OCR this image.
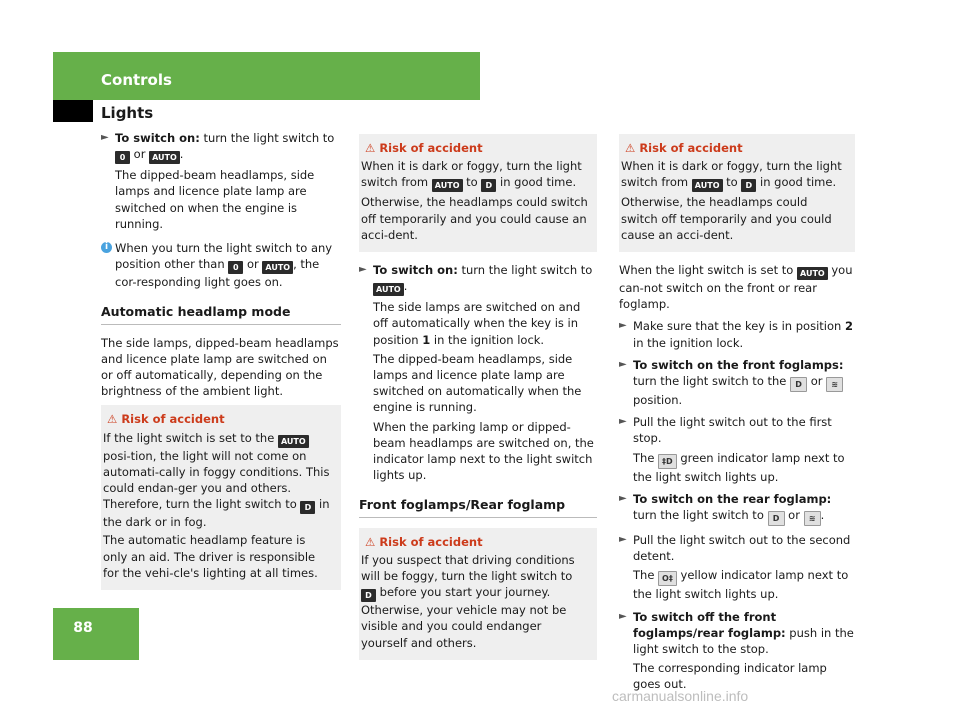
Controls
Lights
► To switch on: turn the light switch to
0 or AUTO .

The dipped-beam headlamps, side lamps and licence plate lamp are switched on when the engine is running.

i When you turn the light switch to any position other than 0 or AUTO , the cor-responding light goes on.

Automatic headlamp mode

The side lamps, dipped-beam headlamps and licence plate lamp are switched on or off automatically, depending on the brightness of the ambient light.

⚠ Risk of accident

If the light switch is set to the AUTO posi-tion, the light will not come on automati-cally in foggy conditions. This could endan-ger you and others. Therefore, turn the light switch to D in the dark or in fog.

The automatic headlamp feature is only an aid. The driver is responsible for the vehi-cle's lighting at all times.

⚠ Risk of accident

When it is dark or foggy, turn the light switch from AUTO to D in good time.

Otherwise, the headlamps could switch off temporarily and you could cause an acci-dent.

► To switch on: turn the light switch to
AUTO .

The side lamps are switched on and off automatically when the key is in position 1 in the ignition lock.

The dipped-beam headlamps, side lamps and licence plate lamp are switched on automatically when the engine is running.

When the parking lamp or dipped-beam headlamps are switched on, the indicator lamp next to the light switch lights up.

Front foglamps/Rear foglamp
⚠ Risk of accident

If you suspect that driving conditions will be foggy, turn the light switch to D before you start your journey. Otherwise, your vehicle may not be visible and you could endanger yourself and others.

⚠ Risk of accident

When it is dark or foggy, turn the light switch from AUTO to D in good time.

Otherwise, the headlamps could switch off temporarily and you could cause an acci-dent.

When the light switch is set to AUTO you can-not switch on the front or rear foglamp.

► Make sure that the key is in position 2 in the ignition lock.

► To switch on the front foglamps: turn the light switch to the D or ≋ position.

► Pull the light switch out to the first stop.

The ‡D green indicator lamp next to the light switch lights up.

► To switch on the rear foglamp: turn the light switch to D or ≋ .

► Pull the light switch out to the second detent.

The O‡ yellow indicator lamp next to the light switch lights up.

► To switch off the front foglamps/rear foglamp: push in the light switch to the stop.

The corresponding indicator lamp goes out.

88
carmanualsonline.info
